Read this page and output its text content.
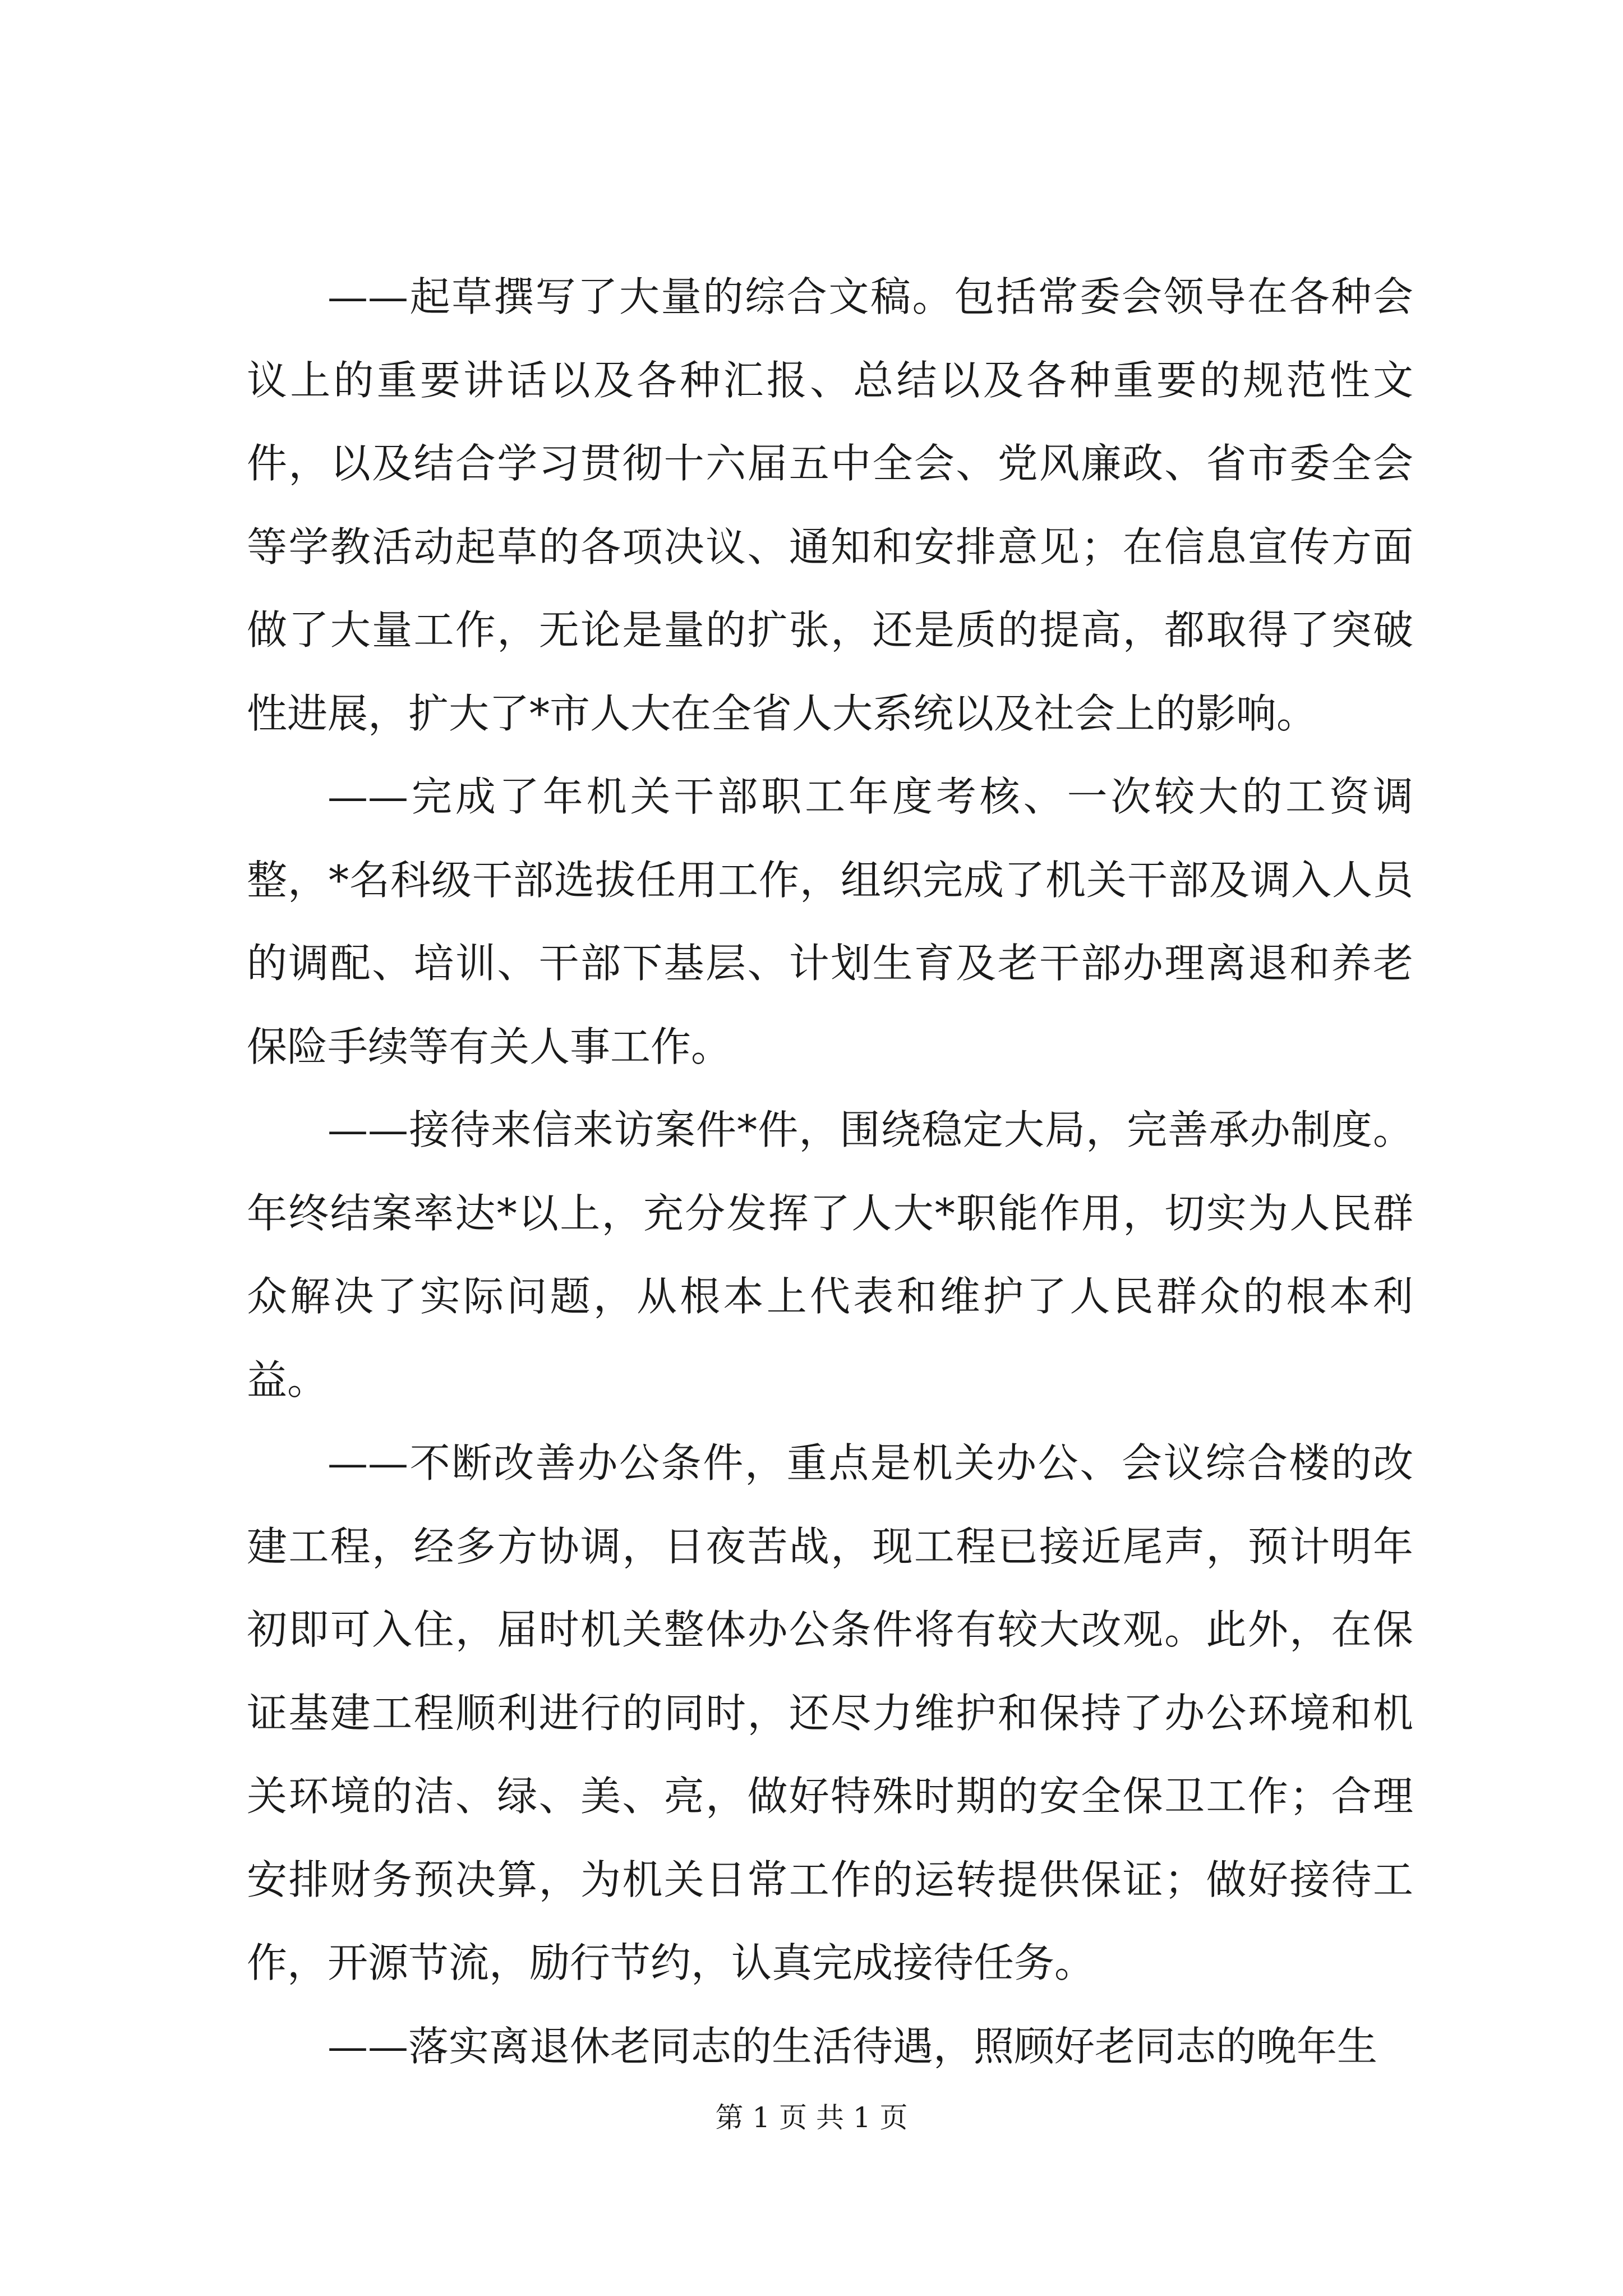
——起草撰写了大量的综合文稿。包括常委会领导在各种会议上的重要讲话以及各种汇报、总结以及各种重要的规范性文件，以及结合学习贯彻十六届五中全会、党风廉政、省市委全会等学教活动起草的各项决议、通知和安排意见；在信息宣传方面做了大量工作，无论是量的扩张，还是质的提高，都取得了突破性进展，扩大了*市人大在全省人大系统以及社会上的影响。

——完成了年机关干部职工年度考核、一次较大的工资调整，*名科级干部选拔任用工作，组织完成了机关干部及调入人员的调配、培训、干部下基层、计划生育及老干部办理离退和养老保险手续等有关人事工作。

——接待来信来访案件*件，围绕稳定大局，完善承办制度。年终结案率达*以上，充分发挥了人大*职能作用，切实为人民群众解决了实际问题，从根本上代表和维护了人民群众的根本利益。

——不断改善办公条件，重点是机关办公、会议综合楼的改建工程，经多方协调，日夜苦战，现工程已接近尾声，预计明年初即可入住，届时机关整体办公条件将有较大改观。此外，在保证基建工程顺利进行的同时，还尽力维护和保持了办公环境和机关环境的洁、绿、美、亮，做好特殊时期的安全保卫工作；合理安排财务预决算，为机关日常工作的运转提供保证；做好接待工作，开源节流，励行节约，认真完成接待任务。

——落实离退休老同志的生活待遇，照顾好老同志的晚年生

第 1 页 共 1 页
